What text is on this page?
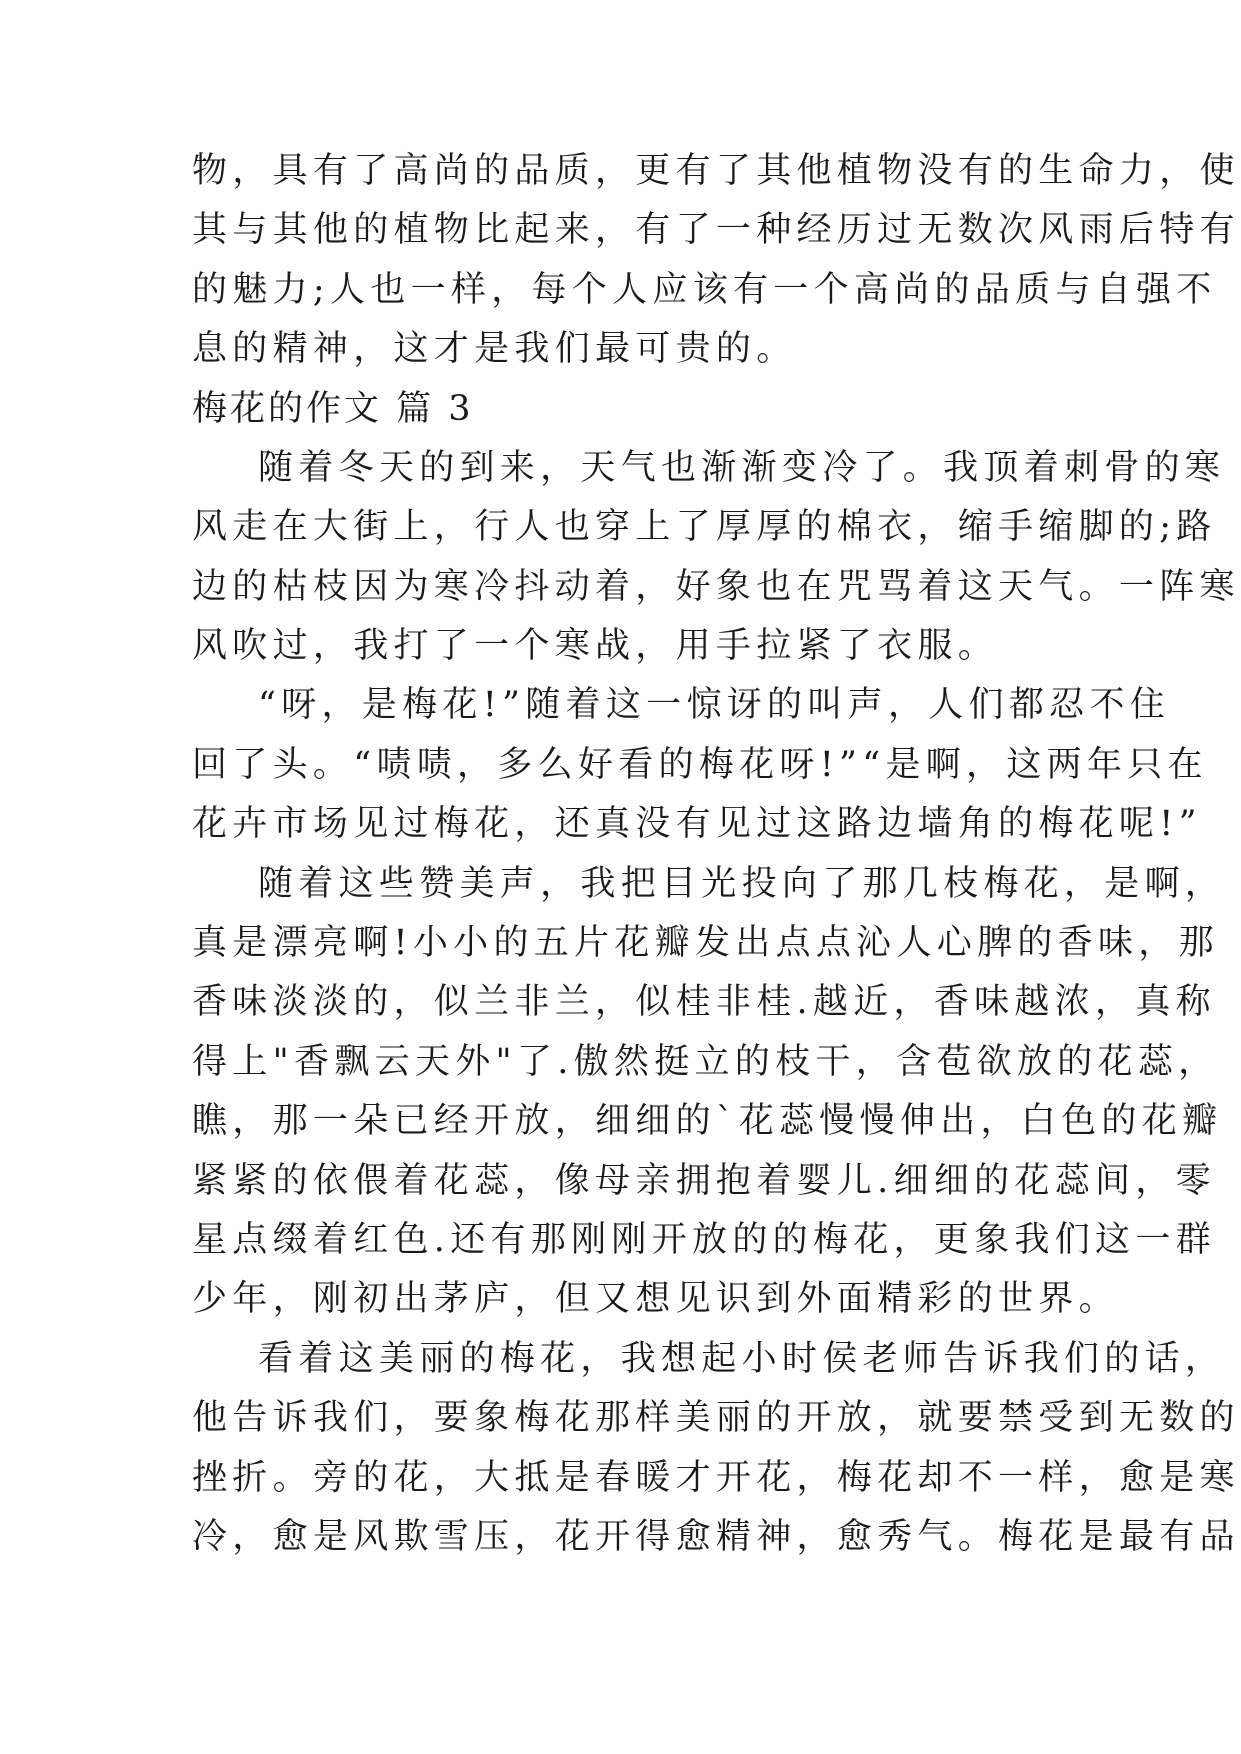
物，具有了高尚的品质，更有了其他植物没有的生命力，使
其与其他的植物比起来，有了一种经历过无数次风雨后特有
的魅力;人也一样，每个人应该有一个高尚的品质与自强不
息的精神，这才是我们最可贵的。
梅花的作文 篇 3
随着冬天的到来，天气也渐渐变冷了。我顶着刺骨的寒
风走在大街上，行人也穿上了厚厚的棉衣，缩手缩脚的;路
边的枯枝因为寒冷抖动着，好象也在咒骂着这天气。一阵寒
风吹过，我打了一个寒战，用手拉紧了衣服。
“呀，是梅花!”随着这一惊讶的叫声，人们都忍不住
回了头。“啧啧，多么好看的梅花呀!”“是啊，这两年只在
花卉市场见过梅花，还真没有见过这路边墙角的梅花呢!”
随着这些赞美声，我把目光投向了那几枝梅花，是啊，
真是漂亮啊!小小的五片花瓣发出点点沁人心脾的香味，那
香味淡淡的，似兰非兰，似桂非桂.越近，香味越浓，真称
得上"香飘云天外"了.傲然挺立的枝干，含苞欲放的花蕊，
瞧，那一朵已经开放，细细的`花蕊慢慢伸出，白色的花瓣
紧紧的依偎着花蕊，像母亲拥抱着婴儿.细细的花蕊间，零
星点缀着红色.还有那刚刚开放的的梅花，更象我们这一群
少年，刚初出茅庐，但又想见识到外面精彩的世界。
看着这美丽的梅花，我想起小时侯老师告诉我们的话，
他告诉我们，要象梅花那样美丽的开放，就要禁受到无数的
挫折。旁的花，大抵是春暖才开花，梅花却不一样，愈是寒
冷，愈是风欺雪压，花开得愈精神，愈秀气。梅花是最有品
